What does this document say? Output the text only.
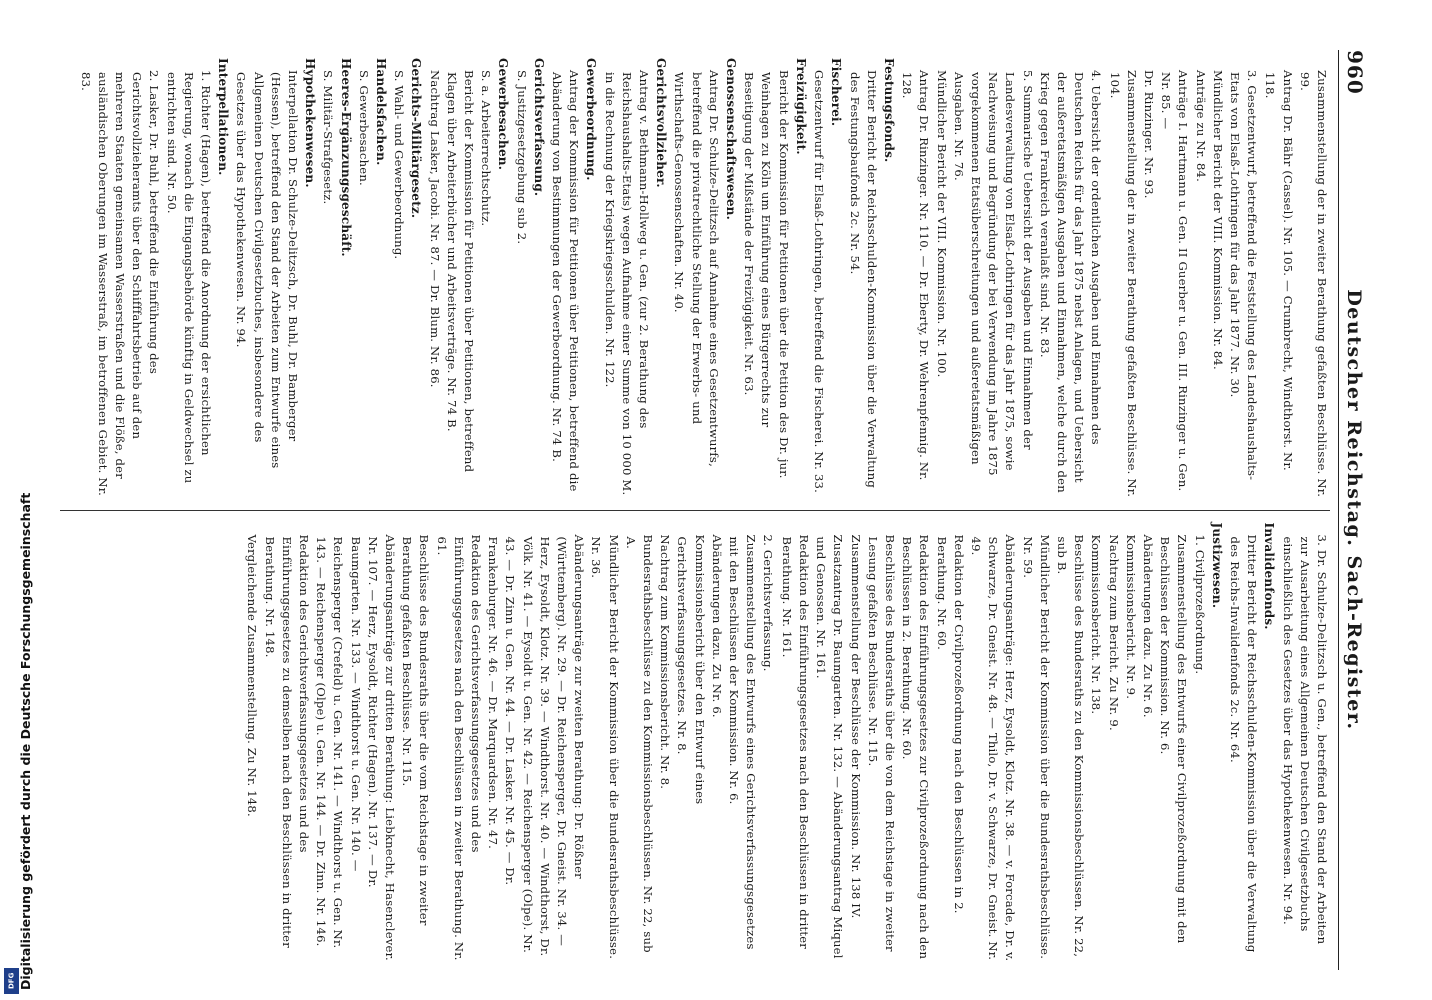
DFG Digitalisierung gefördert durch die Deutsche Forschungsgemeinschaft
960
Deutscher Reichstag. Sach-Register.
Zusammenstellung der in zweiter Berathung gefaßten Beschlüsse. Nr. 99.
Antrag Dr. Bähr (Cassel). Nr. 105. — Crumbrecht, Windthorst. Nr. 118.
3. Gesetzentwurf, betreffend die Feststellung des Landeshaushalts-Etats von Elsaß-Lothringen für das Jahr 1877. Nr. 30.
Mündlicher Bericht der VIII. Kommission. Nr. 84.
Anträge zu Nr. 84.
Anträge I. Hartmann u. Gen. II Guerber u. Gen. III. Rinzinger u. Gen. Nr. 85. —
Dr. Rinzinger. Nr. 93.
Zusammenstellung der in zweiter Berathung gefaßten Beschlüsse. Nr. 104.
4. Uebersicht der ordentlichen Ausgaben und Einnahmen des Deutschen Reichs für das Jahr 1875 nebst Anlagen, und Uebersicht der außeretatsmäßigen Ausgaben und Einnahmen, welche durch den Krieg gegen Frankreich veranlaßt sind. Nr. 83.
5. Summarische Uebersicht der Ausgaben und Einnahmen der Landesverwaltung von Elsaß-Lothringen für das Jahr 1875, sowie Nachweisung und Begründung der bei Verwendung im Jahre 1875 vorgekommenen Etatsüberschreitungen und außeretatsmäßigen Ausgaben. Nr. 76.
Mündlicher Bericht der VIII. Kommission. Nr. 100.
Antrag Dr. Rinzinger. Nr. 110. — Dr. Eberty, Dr. Wehrenpfennig. Nr. 128.
Festungsfonds.
Dritter Bericht der Reichsschulden-Kommission über die Verwaltung des Festungsbaufonds 2c. Nr. 54.
Fischerei.
Gesetzentwurf für Elsaß-Lothringen, betreffend die Fischerei. Nr. 33.
Freizügigkeit.
Bericht der Kommission für Petitionen über die Petition des Dr. jur. Weinhagen zu Köln um Einführung eines Bürgerrechts zur Beseitigung der Mißstände der Freizügigkeit. Nr. 63.
Genossenschaftswesen.
Antrag Dr. Schulze-Delitzsch auf Annahme eines Gesetzentwurfs, betreffend die privatrechtliche Stellung der Erwerbs- und Wirthschafts-Genossenschaften. Nr. 40.
Gerichtsvollzieher.
Antrag v. Bethmann-Hollweg u. Gen. (zur 2. Berathung des Reichshaushalts-Etats) wegen Aufnahme einer Summe von 10 000 M. in die Rechnung der Kriegskriegsschulden. Nr. 122.
Gewerbeordnung.
Antrag der Kommission für Petitionen über Petitionen, betreffend die Abänderung von Bestimmungen der Gewerbeordnung. Nr. 74 B.
Gerichtsverfassung.
S. Justizgesetzgebung sub 2.
Gewerbesachen.
S. a. Arbeiterrechtschutz.
Bericht der Kommission für Petitionen über Petitionen, betreffend Klagen über Arbeiterbücher und Arbeitsverträge. Nr. 74 B.
Nachtrag Lasker, Jacobi. Nr. 87. — Dr. Blum. Nr. 86.
Gerichts-Militärgesetz.
S. Wahl- und Gewerbeordnung.
Handelsfachen.
S. Gewerbesachen.
Heeres-Ergänzungsgeschäft.
S. Militär-Strafgesetz.
Hypothekenwesen.
Interpellation Dr. Schulze-Delitzsch, Dr. Buhl, Dr. Bamberger (Hessen), betreffend den Stand der Arbeiten zum Entwurfe eines Allgemeinen Deutschen Civilgesetzbuches, insbesondere des Gesetzes über das Hypothekenwesen. Nr. 94.
Interpellationen.
1. Richter (Hagen), betreffend die Anordnung der ersichtlichen Regierung, wonach die Eingangsbehörde künftig in Geldwechsel zu entrichten sind. Nr. 50.
2. Lasker, Dr. Buhl, betreffend die Einführung des Gerichtsvollzieheramts über den Schifffahrtsbetrieb auf den mehreren Staaten gemeinsamen Wasserstraßen und die Flöße, der ausländischen Oberungen im Wasserstraß, im betroffenen Gebiet. Nr. 83.
3. Dr. Schulze-Delitzsch u. Gen., betreffend den Stand der Arbeiten zur Ausarbeitung eines Allgemeinen Deutschen Civilgesetzbuchs einschließlich des Gesetzes über das Hypothekenwesen. Nr. 94.
Invalidenfonds.
Dritter Bericht der Reichsschulden-Kommission über die Verwaltung des Reichs-Invalidenfonds 2c. Nr. 64.
Justizwesen.
1. Civilprozeßordnung.
Zusammenstellung des Entwurfs einer Civilprozeßordnung mit den Beschlüssen der Kommission. Nr. 6.
Abänderungen dazu. Zu Nr. 6.
Kommissionsbericht. Nr. 9.
Nachtrag zum Bericht. Zu Nr. 9.
Kommissionsbericht. Nr. 138.
Beschlüsse des Bundesraths zu den Kommissionsbeschlüssen. Nr. 22, sub B.
Mündlicher Bericht der Kommission über die Bundesrathsbeschlüsse. Nr. 59.
Abänderungsanträge: Herz, Eysoldt, Klotz. Nr. 38. — v. Forcade, Dr. v. Schwarze, Dr. Gneist. Nr. 48. — Thilo, Dr. v. Schwarze, Dr. Gneist. Nr. 49.
Redaktion der Civilprozeßordnung nach den Beschlüssen in 2. Berathung. Nr. 60.
Redaktion des Einführungsgesetzes zur Civilprozeßordnung nach den Beschlüssen in 2. Berathung. Nr. 60.
Beschlüsse des Bundesraths über die von dem Reichstage in zweiter Lesung gefaßten Beschlüsse. Nr. 115.
Zusammenstellung der Beschlüsse der Kommission. Nr. 138 IV.
Zusatzantrag Dr. Baumgarten. Nr. 132. — Abänderungsantrag Miquel und Genossen. Nr. 161.
Redaktion des Einführungsgesetzes nach den Beschlüssen in dritter Berathung. Nr. 161.
2. Gerichtsverfassung.
Zusammenstellung des Entwurfs eines Gerichtsverfassungsgesetzes mit den Beschlüssen der Kommission. Nr. 6.
Abänderungen dazu. Zu Nr. 6.
Kommissionsbericht über den Entwurf eines Gerichtsverfassungsgesetzes. Nr. 8.
Nachtrag zum Kommissionsbericht. Nr. 8.
Bundesrathsbeschlüsse zu den Kommissionsbeschlüssen. Nr. 22, sub A.
Mündlicher Bericht der Kommission über die Bundesrathsbeschlüsse. Nr. 36.
Abänderungsanträge zur zweiten Berathung: Dr. Rößner (Württemberg). Nr. 29. — Dr. Reichensperger, Dr. Gneist. Nr. 34. — Herz, Eysoldt, Klotz. Nr. 39. — Windthorst. Nr. 40. — Windthorst, Dr. Völk. Nr. 41. — Eysoldt u. Gen. Nr. 42. — Reichensperger (Olpe). Nr. 43. — Dr. Zinn u. Gen. Nr. 44. — Dr. Lasker. Nr. 45. — Dr. Frankenburger. Nr. 46. — Dr. Marquardsen. Nr. 47.
Redaktion des Gerichtsverfassungsgesetzes und des Einführungsgesetzes nach den Beschlüssen in zweiter Berathung. Nr. 61.
Beschlüsse des Bundesraths über die vom Reichstage in zweiter Berathung gefaßten Beschlüsse. Nr. 115.
Abänderungsanträge zur dritten Berathung: Liebknecht, Hasenclever. Nr. 107. — Herz, Eysoldt, Richter (Hagen). Nr. 137. — Dr. Baumgarten. Nr. 133. — Windthorst u. Gen. Nr. 140. — Reichensperger (Crefeld) u. Gen. Nr. 141. — Windthorst u. Gen. Nr. 143. — Reichensperger (Olpe) u. Gen. Nr. 144. — Dr. Zinn. Nr. 146.
Redaktion des Gerichtsverfassungsgesetzes und des Einführungsgesetzes zu demselben nach den Beschlüssen in dritter Berathung. Nr. 148.
Vergleichende Zusammenstellung. Zu Nr. 148.
